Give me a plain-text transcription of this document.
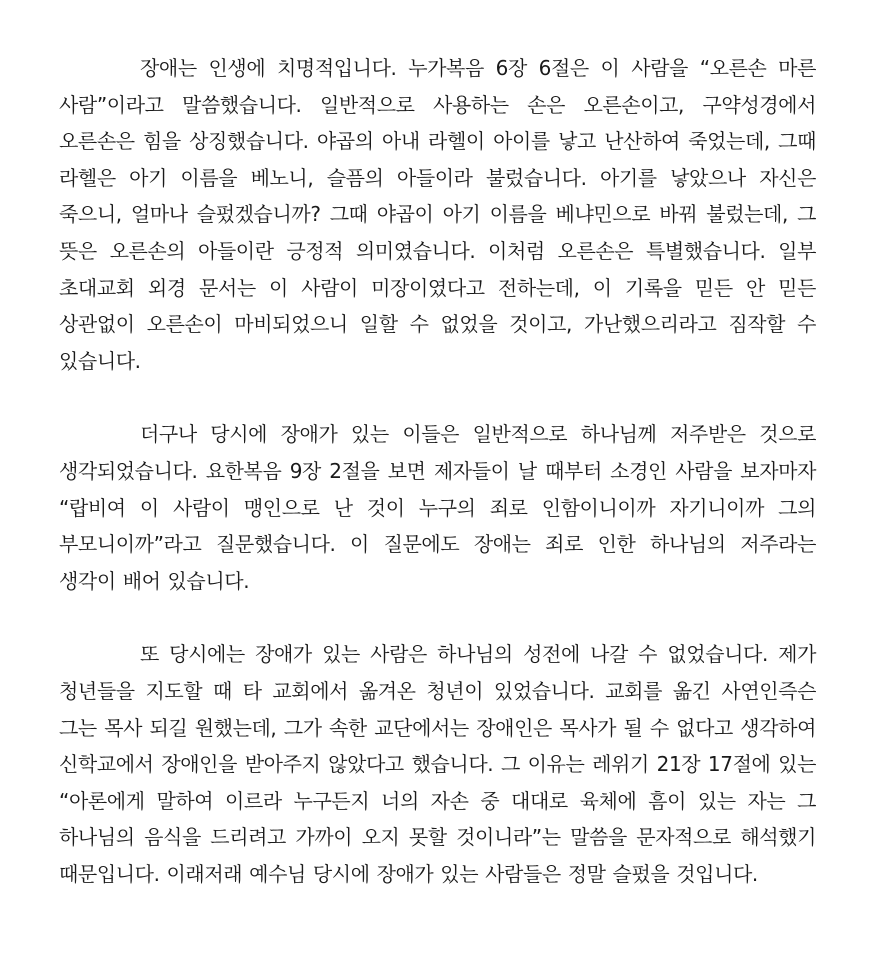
장애는 인생에 치명적입니다. 누가복음 6장 6절은 이 사람을 “오른손 마른 사람”이라고 말씀했습니다. 일반적으로 사용하는 손은 오른손이고, 구약성경에서 오른손은 힘을 상징했습니다. 야곱의 아내 라헬이 아이를 낳고 난산하여 죽었는데, 그때 라헬은 아기 이름을 베노니, 슬픔의 아들이라 불렀습니다. 아기를 낳았으나 자신은 죽으니, 얼마나 슬펐겠습니까? 그때 야곱이 아기 이름을 베냐민으로 바꿔 불렀는데, 그 뜻은 오른손의 아들이란 긍정적 의미였습니다. 이처럼 오른손은 특별했습니다. 일부 초대교회 외경 문서는 이 사람이 미장이였다고 전하는데, 이 기록을 믿든 안 믿든 상관없이 오른손이 마비되었으니 일할 수 없었을 것이고, 가난했으리라고 짐작할 수 있습니다.

더구나 당시에 장애가 있는 이들은 일반적으로 하나님께 저주받은 것으로 생각되었습니다. 요한복음 9장 2절을 보면 제자들이 날 때부터 소경인 사람을 보자마자 “랍비여 이 사람이 맹인으로 난 것이 누구의 죄로 인함이니이까 자기니이까 그의 부모니이까”라고 질문했습니다. 이 질문에도 장애는 죄로 인한 하나님의 저주라는 생각이 배어 있습니다.

또 당시에는 장애가 있는 사람은 하나님의 성전에 나갈 수 없었습니다. 제가 청년들을 지도할 때 타 교회에서 옮겨온 청년이 있었습니다. 교회를 옮긴 사연인즉슨 그는 목사 되길 원했는데, 그가 속한 교단에서는 장애인은 목사가 될 수 없다고 생각하여 신학교에서 장애인을 받아주지 않았다고 했습니다. 그 이유는 레위기 21장 17절에 있는 “아론에게 말하여 이르라 누구든지 너의 자손 중 대대로 육체에 흠이 있는 자는 그 하나님의 음식을 드리려고 가까이 오지 못할 것이니라”는 말씀을 문자적으로 해석했기 때문입니다. 이래저래 예수님 당시에 장애가 있는 사람들은 정말 슬펐을 것입니다.
